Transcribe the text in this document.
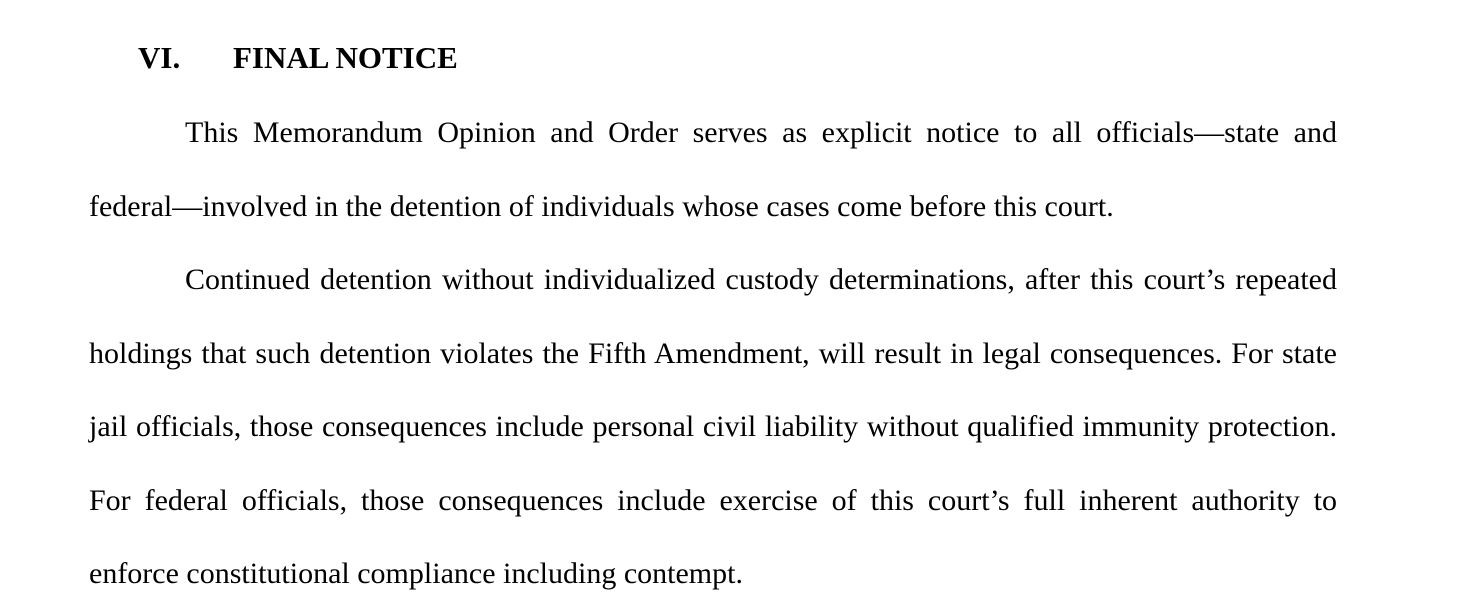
VI. FINAL NOTICE

This Memorandum Opinion and Order serves as explicit notice to all officials—state and federal—involved in the detention of individuals whose cases come before this court.

Continued detention without individualized custody determinations, after this court’s repeated holdings that such detention violates the Fifth Amendment, will result in legal consequences. For state jail officials, those consequences include personal civil liability without qualified immunity protection. For federal officials, those consequences include exercise of this court’s full inherent authority to enforce constitutional compliance including contempt.
